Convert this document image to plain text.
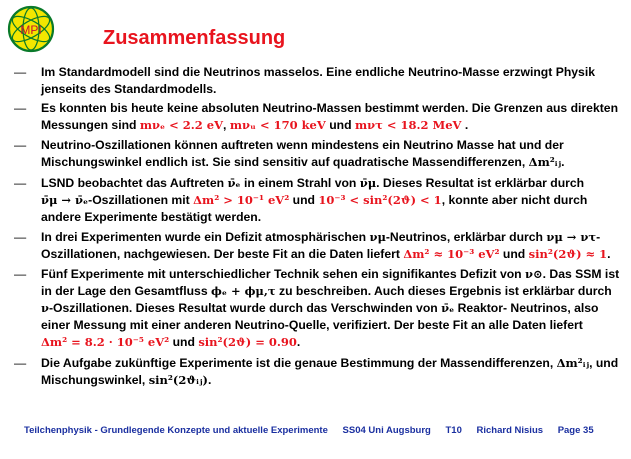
MPI	Zusammenfassung
— Im Standardmodell sind die Neutrinos masselos. Eine endliche Neutrino-Masse erzwingt Physik jenseits des Standardmodells.
— Es konnten bis heute keine absoluten Neutrino-Massen bestimmt werden. Die Grenzen aus direkten Messungen sind mνₑ < 2.2 eV, mνᵤ < 170 keV und mντ < 18.2 MeV .
— Neutrino-Oszillationen können auftreten wenn mindestens ein Neutrino Masse hat und der Mischungswinkel endlich ist. Sie sind sensitiv auf quadratische Massendifferenzen, Δm²ᵢⱼ.
— LSND beobachtet das Auftreten ν̄ₑ in einem Strahl von ν̄μ. Dieses Resultat ist erklärbar durch ν̄μ → ν̄ₑ-Oszillationen mit Δm² > 10⁻¹ eV² und 10⁻³ < sin²(2ϑ) < 1, konnte aber nicht durch andere Experimente bestätigt werden.
— In drei Experimenten wurde ein Defizit atmosphärischen νμ-Neutrinos, erklärbar durch νμ → ντ-Oszillationen, nachgewiesen. Der beste Fit an die Daten liefert Δm² ≈ 10⁻³ eV² und sin²(2ϑ) ≈ 1.
— Fünf Experimente mit unterschiedlicher Technik sehen ein signifikantes Defizit von ν⊙. Das SSM ist in der Lage den Gesamtfluss ϕₑ + ϕμ,τ zu beschreiben. Auch dieses Ergebnis ist erklärbar durch ν-Oszillationen. Dieses Resultat wurde durch das Verschwinden von ν̄ₑ Reaktor- Neutrinos, also einer Messung mit einer anderen Neutrino-Quelle, verifiziert. Der beste Fit an alle Daten liefert Δm² = 8.2 · 10⁻⁵ eV² und sin²(2ϑ) = 0.90.
— Die Aufgabe zukünftige Experimente ist die genaue Bestimmung der Massendifferenzen, Δm²ᵢⱼ, und Mischungswinkel, sin²(2ϑᵢⱼ).
Teilchenphysik - Grundlegende Konzepte und aktuelle Experimente SS04 Uni Augsburg T10 Richard Nisius Page 35
